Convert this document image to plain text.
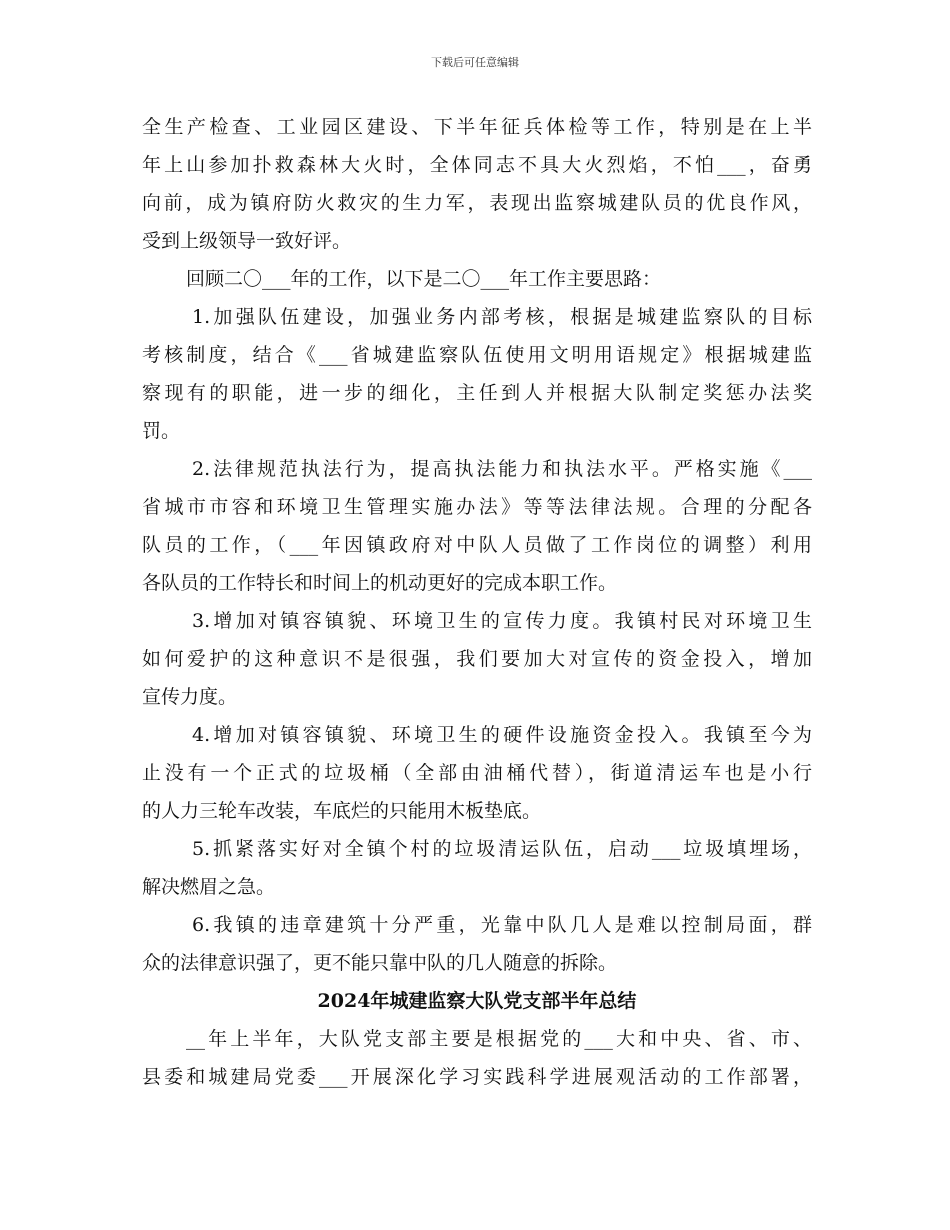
下载后可任意编辑
全生产检查、工业园区建设、下半年征兵体检等工作，特别是在上半
年上山参加扑救森林大火时，全体同志不具大火烈焰，不怕___，奋勇
向前，成为镇府防火救灾的生力军，表现出监察城建队员的优良作风，
受到上级领导一致好评。
回顾二〇___年的工作，以下是二〇___年工作主要思路：
1.加强队伍建设，加强业务内部考核，根据是城建监察队的目标
考核制度，结合《___省城建监察队伍使用文明用语规定》根据城建监
察现有的职能，进一步的细化，主任到人并根据大队制定奖惩办法奖
罚。
2.法律规范执法行为，提高执法能力和执法水平。严格实施《___
省城市市容和环境卫生管理实施办法》等等法律法规。合理的分配各
队员的工作，（___年因镇政府对中队人员做了工作岗位的调整）利用
各队员的工作特长和时间上的机动更好的完成本职工作。
3.增加对镇容镇貌、环境卫生的宣传力度。我镇村民对环境卫生
如何爱护的这种意识不是很强，我们要加大对宣传的资金投入，增加
宣传力度。
4.增加对镇容镇貌、环境卫生的硬件设施资金投入。我镇至今为
止没有一个正式的垃圾桶（全部由油桶代替），街道清运车也是小行
的人力三轮车改装，车底烂的只能用木板垫底。
5.抓紧落实好对全镇个村的垃圾清运队伍，启动___垃圾填埋场，
解决燃眉之急。
6.我镇的违章建筑十分严重，光靠中队几人是难以控制局面，群
众的法律意识强了，更不能只靠中队的几人随意的拆除。
2024年城建监察大队党支部半年总结
__年上半年，大队党支部主要是根据党的___大和中央、省、市、
县委和城建局党委___开展深化学习实践科学进展观活动的工作部署，
